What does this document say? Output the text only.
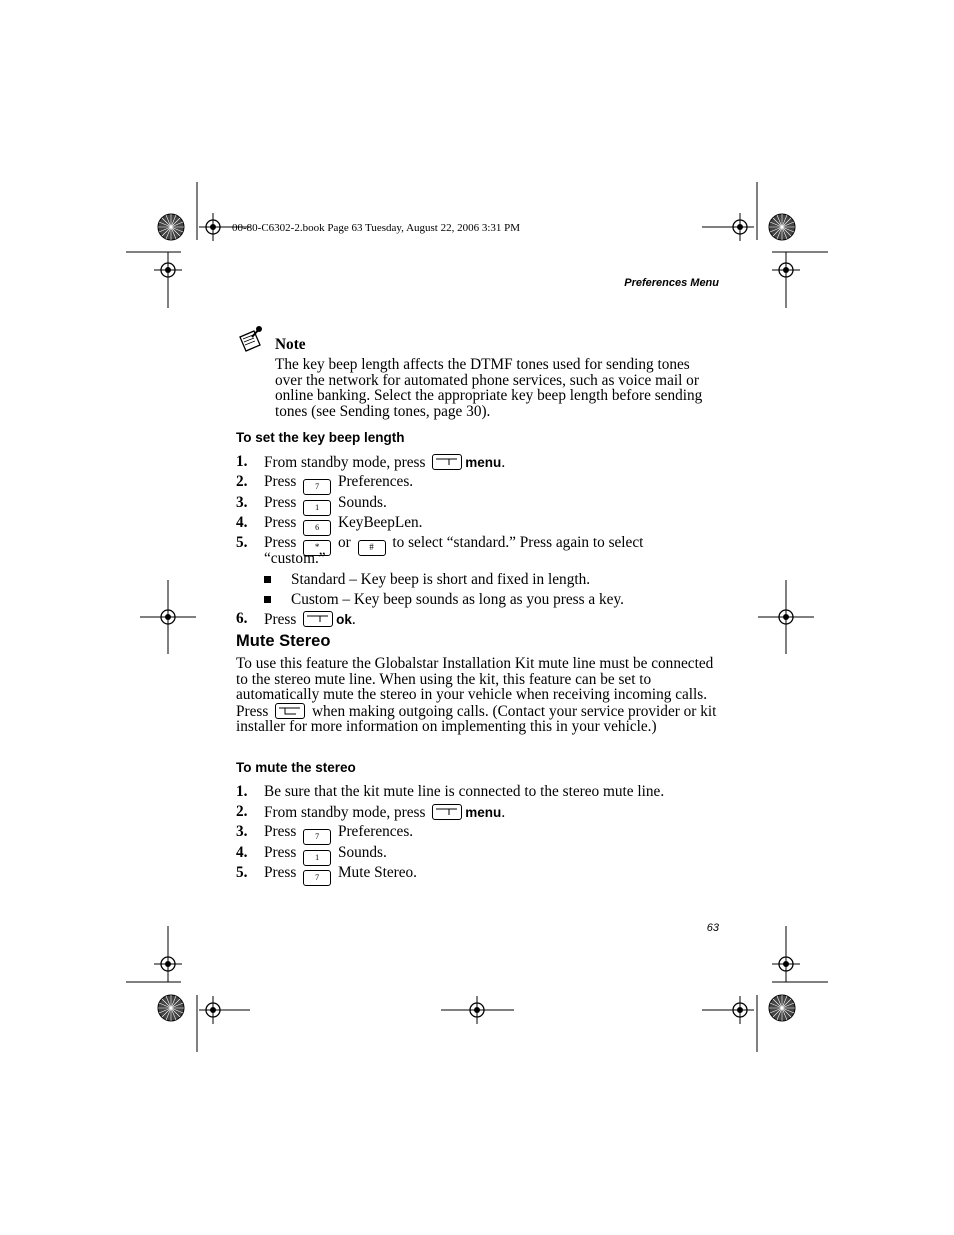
00-80-C6302-2.book Page 63 Tuesday, August 22, 2006 3:31 PM
Preferences Menu
Note
The key beep length affects the DTMF tones used for sending tones over the network for automated phone services, such as voice mail or online banking. Select the appropriate key beep length before sending tones (see Sending tones, page 30).
To set the key beep length
1.	From standby mode, press	menu.
2.	Press 7 Preferences.
3.	Press 1 Sounds.
4.	Press 6 KeyBeepLen.
5.	Press * or # to select “standard.” Press again to select
“custom.”
Standard – Key beep is short and fixed in length.
Custom – Key beep sounds as long as you press a key.
6.	Press	ok.
Mute Stereo
To use this feature the Globalstar Installation Kit mute line must be connected to the stereo mute line. When using the kit, this feature can be set to automatically mute the stereo in your vehicle when receiving incoming calls. Press	when making outgoing calls. (Contact your service provider or kit installer for more information on implementing this in your vehicle.)
To mute the stereo
1.	Be sure that the kit mute line is connected to the stereo mute line.
2.	From standby mode, press	menu.
3.	Press 7 Preferences.
4.	Press 1 Sounds.
5.	Press 7 Mute Stereo.
63
